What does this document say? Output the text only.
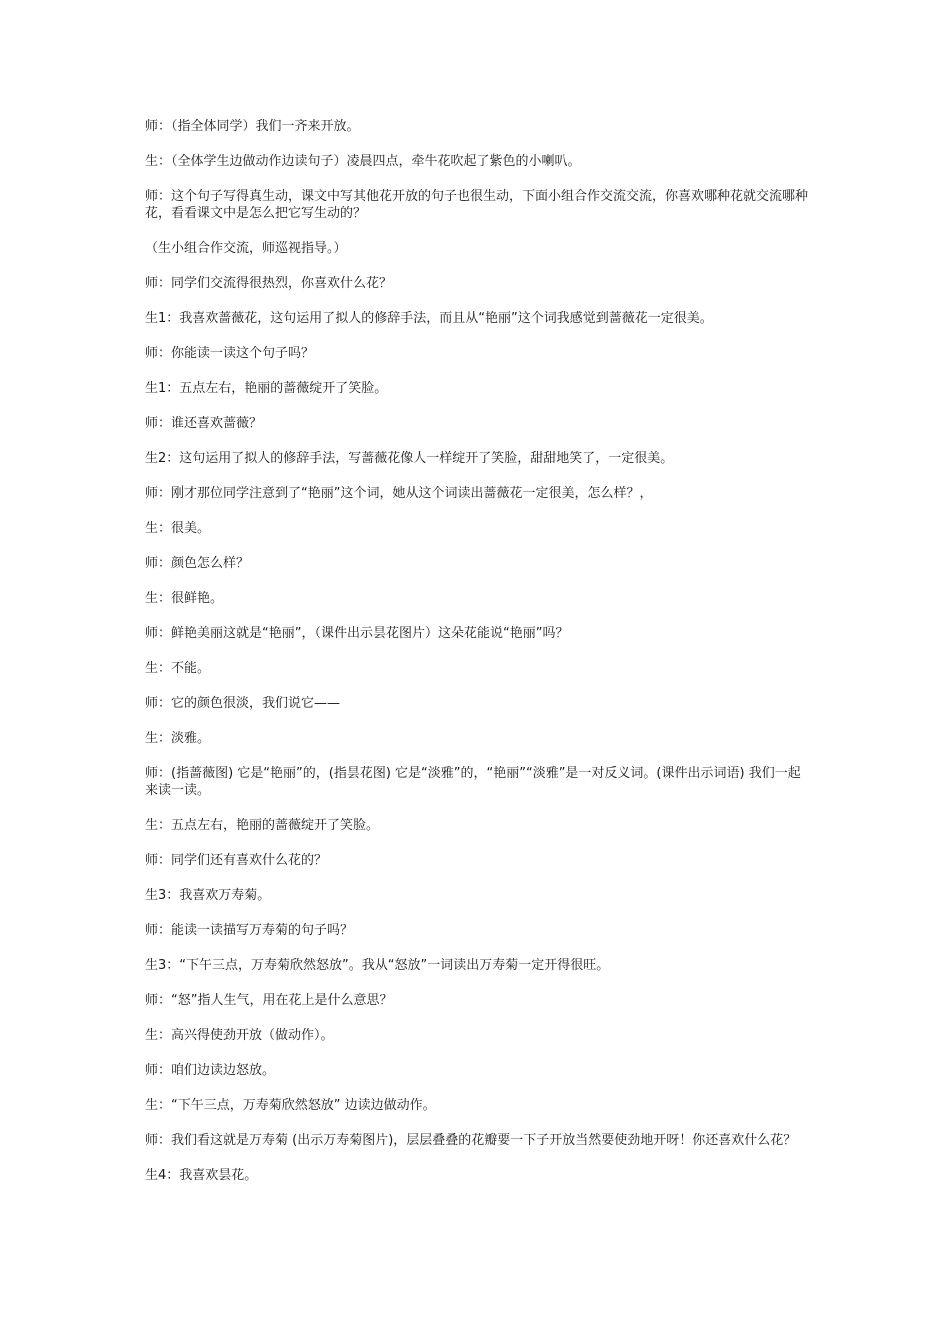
师：（指全体同学）我们一齐来开放。

生：（全体学生边做动作边读句子）凌晨四点，牵牛花吹起了紫色的小喇叭。

师：这个句子写得真生动，课文中写其他花开放的句子也很生动，下面小组合作交流交流，你喜欢哪种花就交流哪种花，看看课文中是怎么把它写生动的？

（生小组合作交流，师巡视指导。）

师：同学们交流得很热烈，你喜欢什么花？

生1：我喜欢蔷薇花，这句运用了拟人的修辞手法，而且从“艳丽”这个词我感觉到蔷薇花一定很美。

师：你能读一读这个句子吗？

生1：五点左右，艳丽的蔷薇绽开了笑脸。

师：谁还喜欢蔷薇？

生2：这句运用了拟人的修辞手法，写蔷薇花像人一样绽开了笑脸，甜甜地笑了，一定很美。

师：刚才那位同学注意到了“艳丽”这个词，她从这个词读出蔷薇花一定很美，怎么样？，

生：很美。

师：颜色怎么样？

生：很鲜艳。

师：鲜艳美丽这就是“艳丽”，（课件出示昙花图片）这朵花能说“艳丽”吗？

生：不能。

师：它的颜色很淡，我们说它——

生：淡雅。

师：(指蔷薇图) 它是“艳丽”的，(指昙花图) 它是“淡雅”的，“艳丽”“淡雅”是一对反义词。(课件出示词语) 我们一起来读一读。

生：五点左右，艳丽的蔷薇绽开了笑脸。

师：同学们还有喜欢什么花的？

生3：我喜欢万寿菊。

师：能读一读描写万寿菊的句子吗？

生3：“下午三点，万寿菊欣然怒放”。我从“怒放”一词读出万寿菊一定开得很旺。

师：“怒”指人生气，用在花上是什么意思？

生：高兴得使劲开放（做动作）。

师：咱们边读边怒放。

生：“下午三点，万寿菊欣然怒放” 边读边做动作。

师：我们看这就是万寿菊 (出示万寿菊图片)，层层叠叠的花瓣要一下子开放当然要使劲地开呀！你还喜欢什么花？

生4：我喜欢昙花。
